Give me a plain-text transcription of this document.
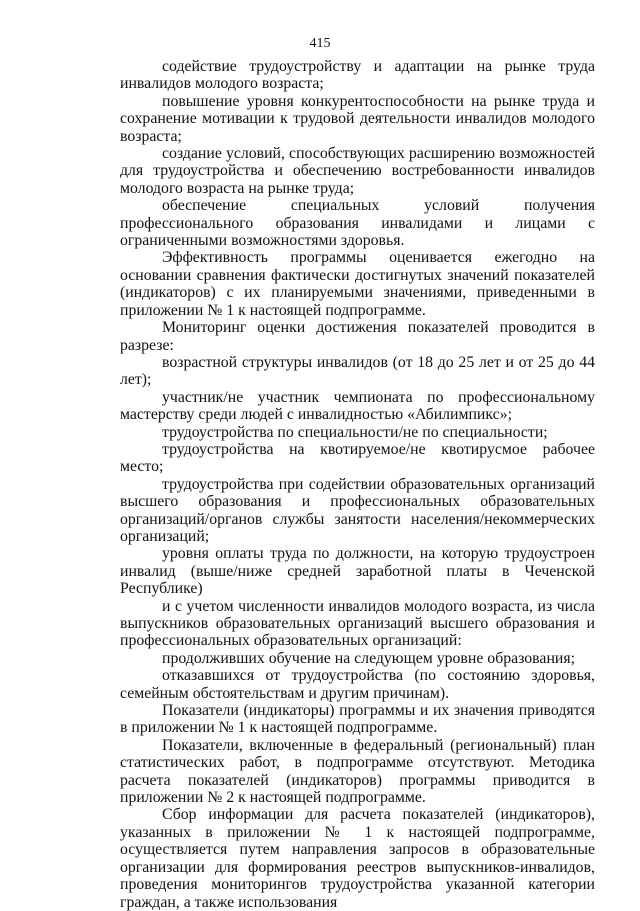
415

содействие трудоустройству и адаптации на рынке труда инвалидов молодого возраста;

повышение уровня конкурентоспособности на рынке труда и сохранение мотивации к трудовой деятельности инвалидов молодого возраста;

создание условий, способствующих расширению возможностей для трудоустройства и обеспечению востребованности инвалидов молодого возраста на рынке труда;

обеспечение специальных условий получения профессионального образования инвалидами и лицами с ограниченными возможностями здоровья.

Эффективность программы оценивается ежегодно на основании сравнения фактически достигнутых значений показателей (индикаторов) с их планируемыми значениями, приведенными в приложении № 1 к настоящей подпрограмме.

Мониторинг оценки достижения показателей проводится в разрезе:

возрастной структуры инвалидов (от 18 до 25 лет и от 25 до 44 лет);

участник/не участник чемпионата по профессиональному мастерству среди людей с инвалидностью «Абилимпикс»;

трудоустройства по специальности/не по специальности;

трудоустройства на квотируемое/не квотирусмое рабочее место;

трудоустройства при содействии образовательных организаций высшего образования и профессиональных образовательных организаций/органов службы занятости населения/некоммерческих организаций;

уровня оплаты труда по должности, на которую трудоустроен инвалид (выше/ниже средней заработной платы в Чеченской Республике)

и с учетом численности инвалидов молодого возраста, из числа выпускников образовательных организаций высшего образования и профессиональных образовательных организаций:

продолживших обучение на следующем уровне образования;

отказавшихся от трудоустройства (по состоянию здоровья, семейным обстоятельствам и другим причинам).

Показатели (индикаторы) программы и их значения приводятся в приложении № 1 к настоящей подпрограмме.

Показатели, включенные в федеральный (региональный) план статистических работ, в подпрограмме отсутствуют. Методика расчета показателей (индикаторов) программы приводится в приложении № 2 к настоящей подпрограмме.

Сбор информации для расчета показателей (индикаторов), указанных в приложении № 1 к настоящей подпрограмме, осуществляется путем направления запросов в образовательные организации для формирования реестров выпускников-инвалидов, проведения мониторингов трудоустройства указанной категории граждан, а также использования
